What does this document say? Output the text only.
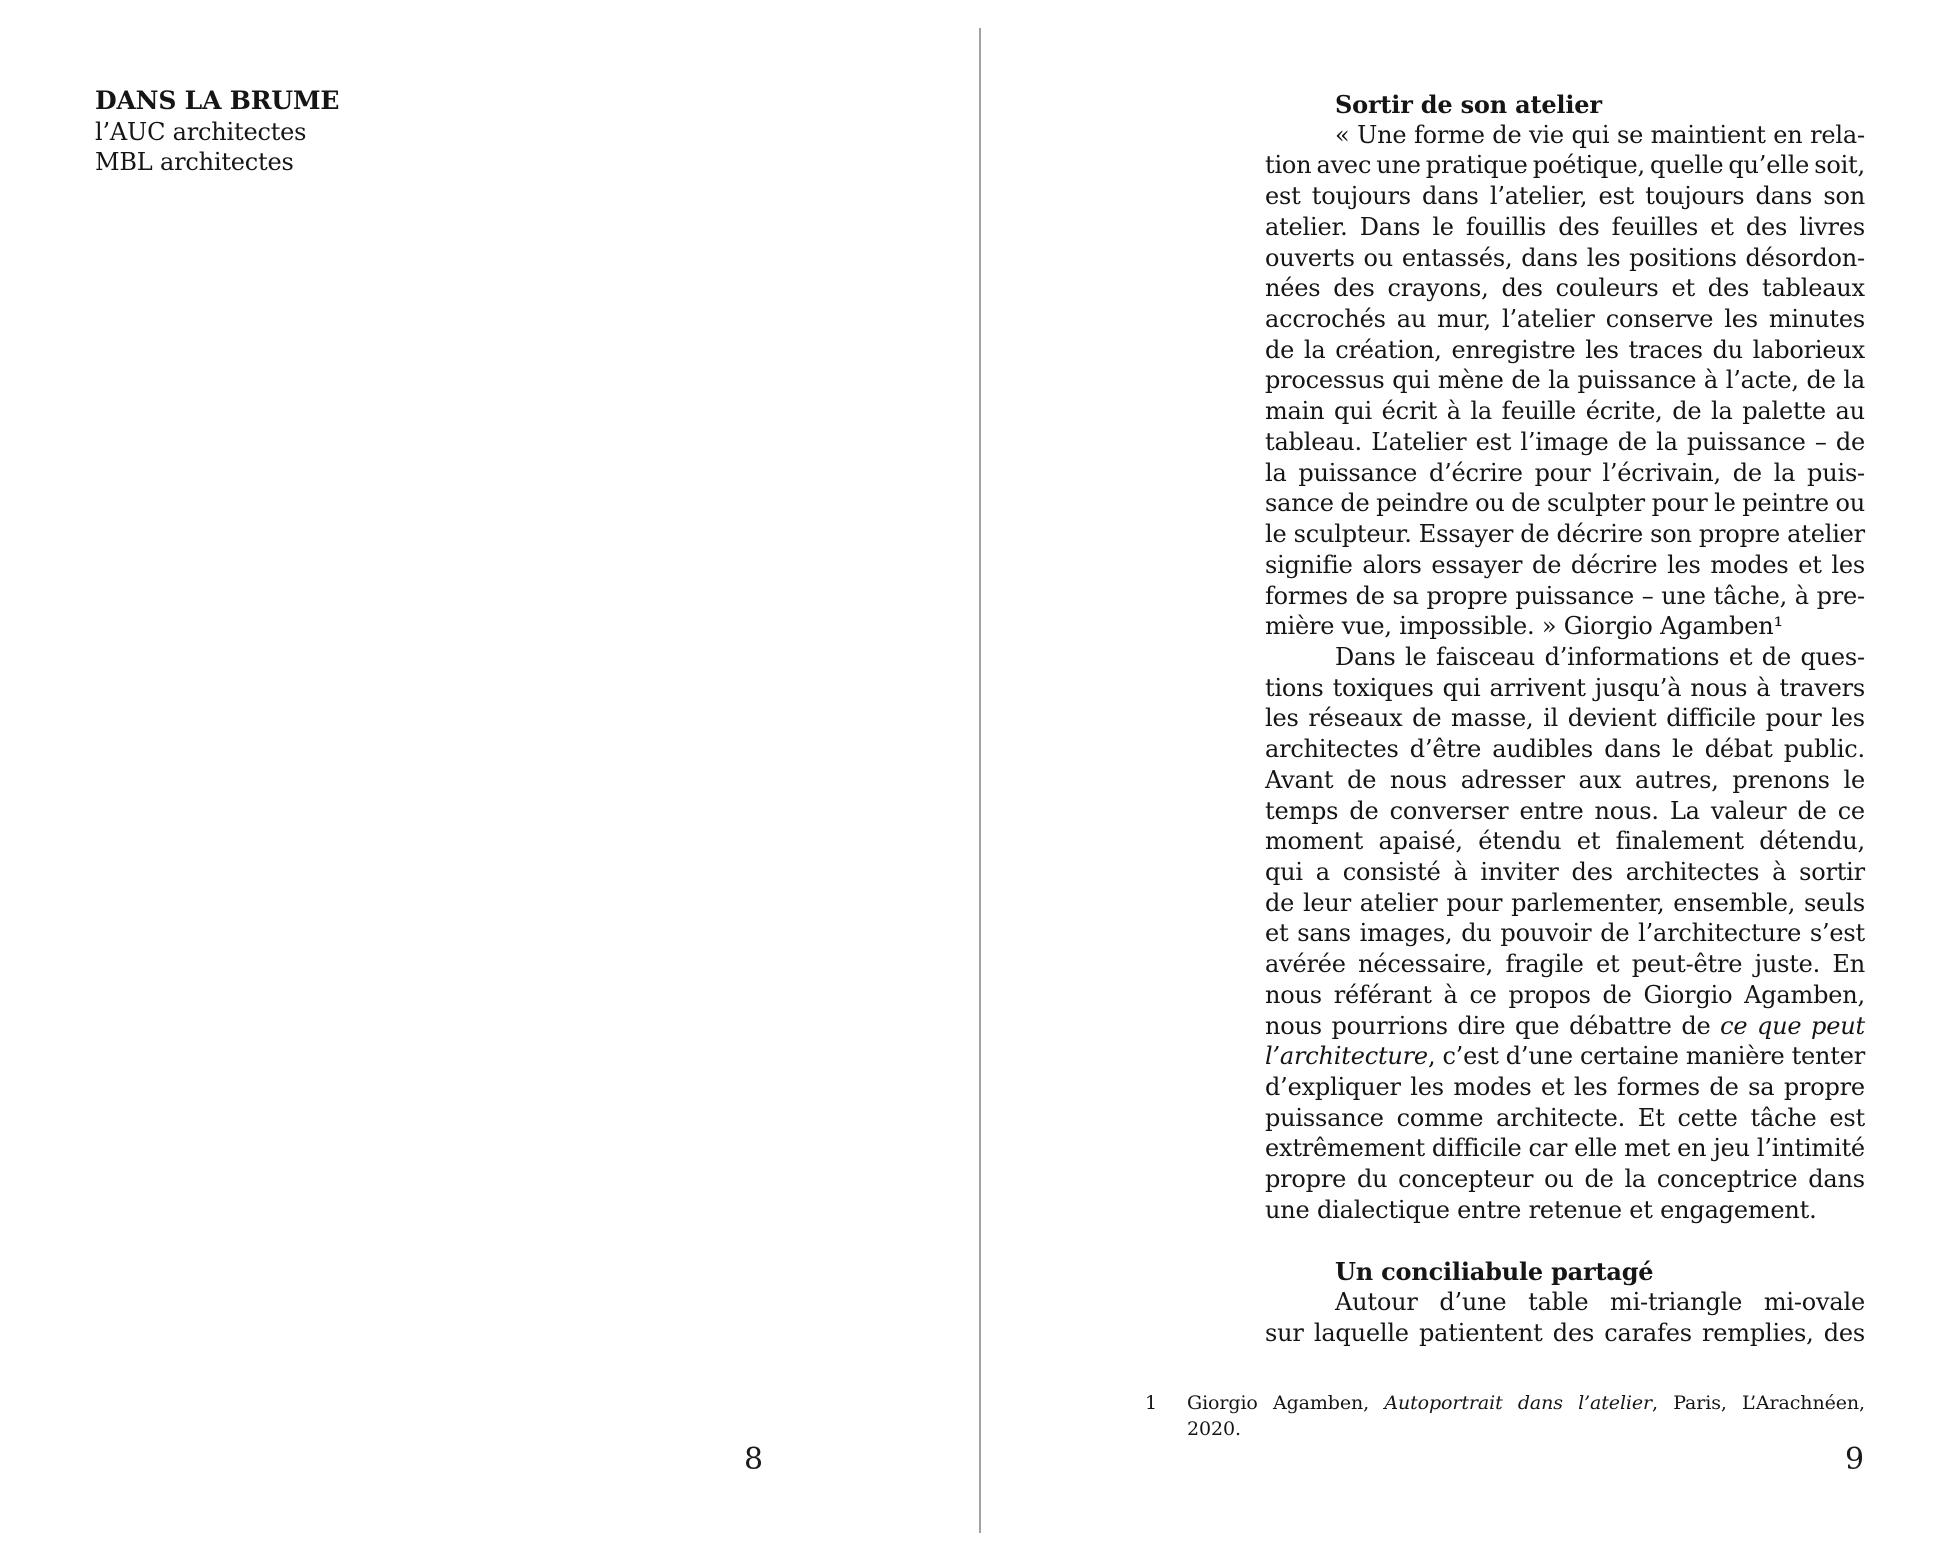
DANS LA BRUME
l’AUC architectes
MBL architectes
Sortir de son atelier
« Une forme de vie qui se maintient en rela-
tion avec une pratique poétique, quelle qu’elle soit,
est toujours dans l’atelier, est toujours dans son
atelier. Dans le fouillis des feuilles et des livres
ouverts ou entassés, dans les positions désordon-
nées des crayons, des couleurs et des tableaux
accrochés au mur, l’atelier conserve les minutes
de la création, enregistre les traces du laborieux
processus qui mène de la puissance à l’acte, de la
main qui écrit à la feuille écrite, de la palette au
tableau. L’atelier est l’image de la puissance – de
la puissance d’écrire pour l’écrivain, de la puis-
sance de peindre ou de sculpter pour le peintre ou
le sculpteur. Essayer de décrire son propre atelier
signifie alors essayer de décrire les modes et les
formes de sa propre puissance – une tâche, à pre-
mière vue, impossible. » Giorgio Agamben¹
Dans le faisceau d’informations et de ques-
tions toxiques qui arrivent jusqu’à nous à travers
les réseaux de masse, il devient difficile pour les
architectes d’être audibles dans le débat public.
Avant de nous adresser aux autres, prenons le
temps de converser entre nous. La valeur de ce
moment apaisé, étendu et finalement détendu,
qui a consisté à inviter des architectes à sortir
de leur atelier pour parlementer, ensemble, seuls
et sans images, du pouvoir de l’architecture s’est
avérée nécessaire, fragile et peut-être juste. En
nous référant à ce propos de Giorgio Agamben,
nous pourrions dire que débattre de ce que peut
l’architecture, c’est d’une certaine manière tenter
d’expliquer les modes et les formes de sa propre
puissance comme architecte. Et cette tâche est
extrêmement difficile car elle met en jeu l’intimité
propre du concepteur ou de la conceptrice dans
une dialectique entre retenue et engagement.
Un conciliabule partagé
Autour d’une table mi-triangle mi-ovale
sur laquelle patientent des carafes remplies, des
1 Giorgio Agamben, Autoportrait dans l’atelier, Paris, L’Arachnéen,
2020.
8	9
